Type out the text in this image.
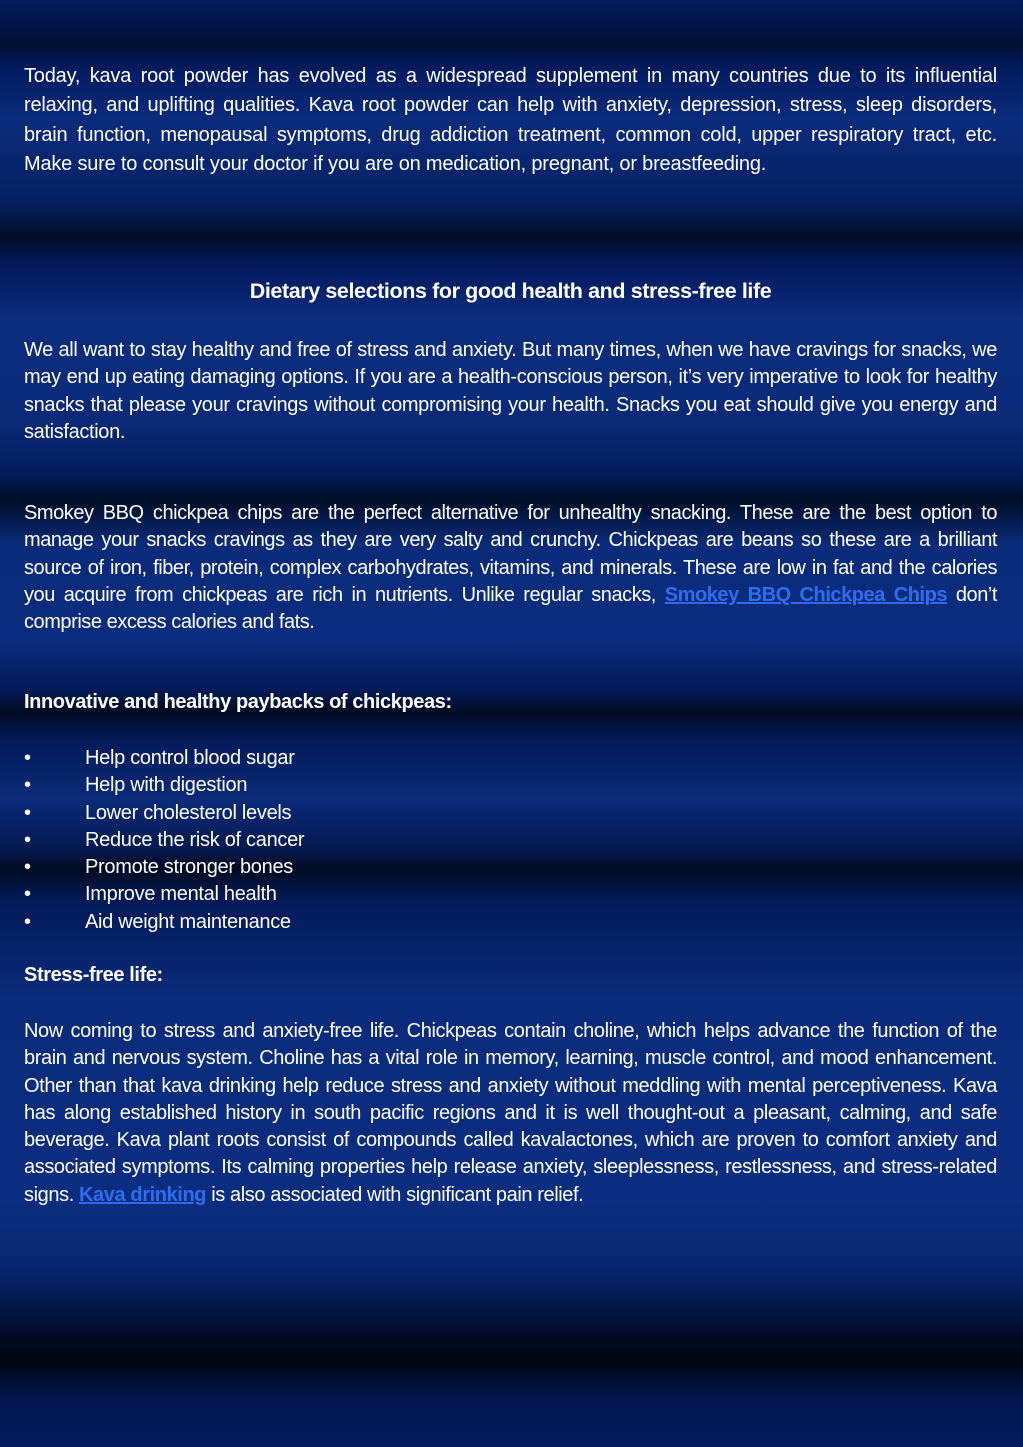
Today, kava root powder has evolved as a widespread supplement in many countries due to its influential relaxing, and uplifting qualities. Kava root powder can help with anxiety, depression, stress, sleep disorders, brain function, menopausal symptoms, drug addiction treatment, common cold, upper respiratory tract, etc. Make sure to consult your doctor if you are on medication, pregnant, or breastfeeding.

Dietary selections for good health and stress-free life

We all want to stay healthy and free of stress and anxiety. But many times, when we have cravings for snacks, we may end up eating damaging options. If you are a health-conscious person, it’s very imperative to look for healthy snacks that please your cravings without compromising your health. Snacks you eat should give you energy and satisfaction.

Smokey BBQ chickpea chips are the perfect alternative for unhealthy snacking. These are the best option to manage your snacks cravings as they are very salty and crunchy. Chickpeas are beans so these are a brilliant source of iron, fiber, protein, complex carbohydrates, vitamins, and minerals. These are low in fat and the calories you acquire from chickpeas are rich in nutrients. Unlike regular snacks, Smokey BBQ Chickpea Chips don’t comprise excess calories and fats.

Innovative and healthy paybacks of chickpeas:
•	Help control blood sugar
•	Help with digestion
•	Lower cholesterol levels
•	Reduce the risk of cancer
•	Promote stronger bones
•	Improve mental health
•	Aid weight maintenance
Stress-free life:

Now coming to stress and anxiety-free life. Chickpeas contain choline, which helps advance the function of the brain and nervous system. Choline has a vital role in memory, learning, muscle control, and mood enhancement. Other than that kava drinking help reduce stress and anxiety without meddling with mental perceptiveness. Kava has along established history in south pacific regions and it is well thought-out a pleasant, calming, and safe beverage. Kava plant roots consist of compounds called kavalactones, which are proven to comfort anxiety and associated symptoms. Its calming properties help release anxiety, sleeplessness, restlessness, and stress-related signs. Kava drinking is also associated with significant pain relief.
